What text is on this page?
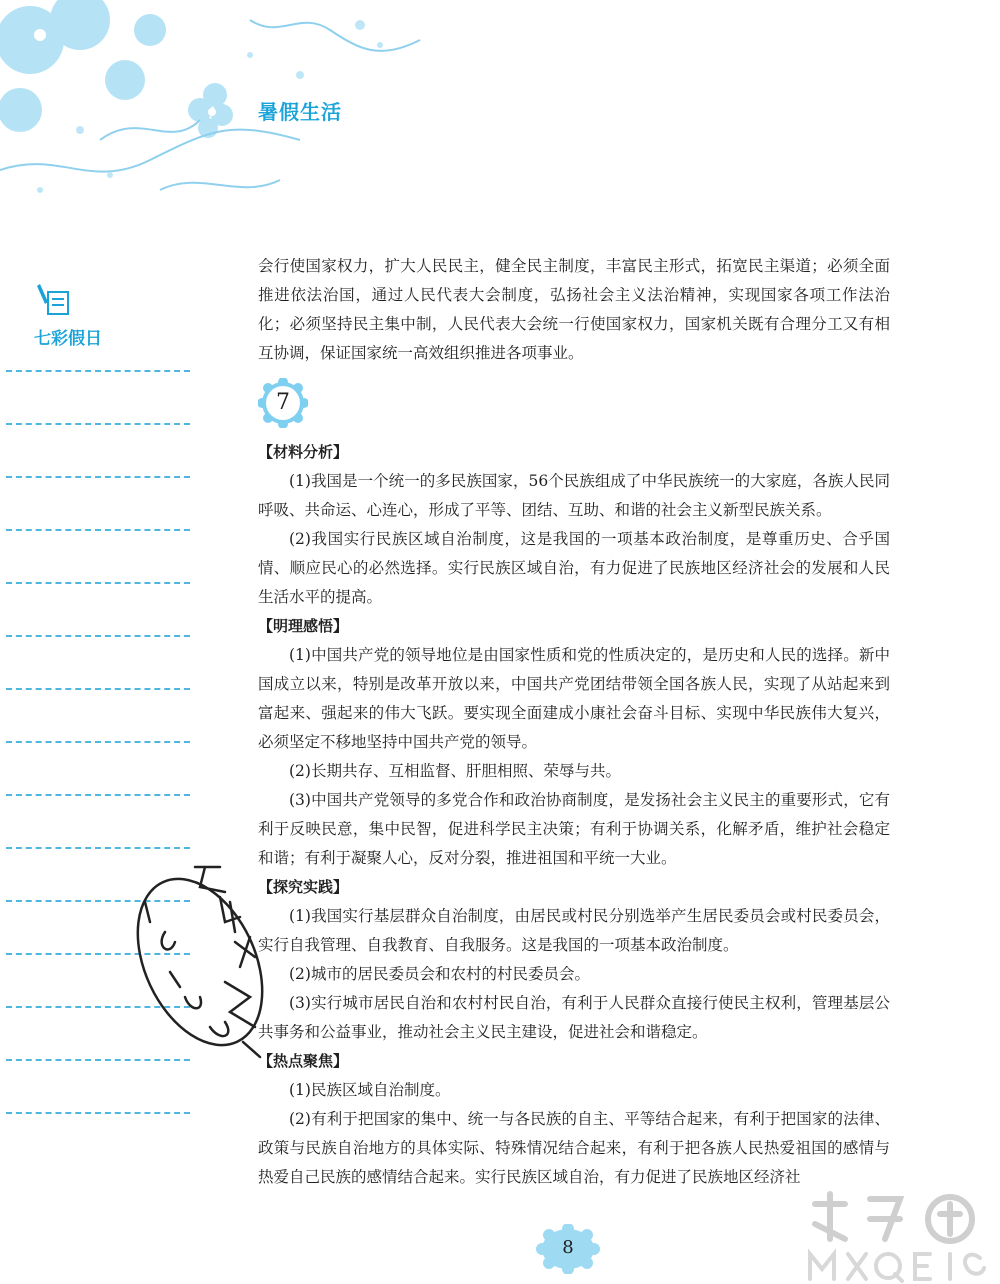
暑假生活
七彩假日

会行使国家权力，扩大人民民主，健全民主制度，丰富民主形式，拓宽民主渠道；必须全面推进依法治国，通过人民代表大会制度，弘扬社会主义法治精神，实现国家各项工作法治化；必须坚持民主集中制，人民代表大会统一行使国家权力，国家机关既有合理分工又有相互协调，保证国家统一高效组织推进各项事业。

7
【材料分析】

(1)我国是一个统一的多民族国家，56个民族组成了中华民族统一的大家庭，各族人民同呼吸、共命运、心连心，形成了平等、团结、互助、和谐的社会主义新型民族关系。

(2)我国实行民族区域自治制度，这是我国的一项基本政治制度，是尊重历史、合乎国情、顺应民心的必然选择。实行民族区域自治，有力促进了民族地区经济社会的发展和人民生活水平的提高。

【明理感悟】

(1)中国共产党的领导地位是由国家性质和党的性质决定的，是历史和人民的选择。新中国成立以来，特别是改革开放以来，中国共产党团结带领全国各族人民，实现了从站起来到富起来、强起来的伟大飞跃。要实现全面建成小康社会奋斗目标、实现中华民族伟大复兴，必须坚定不移地坚持中国共产党的领导。

(2)长期共存、互相监督、肝胆相照、荣辱与共。

(3)中国共产党领导的多党合作和政治协商制度，是发扬社会主义民主的重要形式，它有利于反映民意，集中民智，促进科学民主决策；有利于协调关系，化解矛盾，维护社会稳定和谐；有利于凝聚人心，反对分裂，推进祖国和平统一大业。

【探究实践】

(1)我国实行基层群众自治制度，由居民或村民分别选举产生居民委员会或村民委员会，实行自我管理、自我教育、自我服务。这是我国的一项基本政治制度。

(2)城市的居民委员会和农村的村民委员会。

(3)实行城市居民自治和农村村民自治，有利于人民群众直接行使民主权利，管理基层公共事务和公益事业，推动社会主义民主建设，促进社会和谐稳定。

【热点聚焦】

(1)民族区域自治制度。

(2)有利于把国家的集中、统一与各民族的自主、平等结合起来，有利于把国家的法律、政策与民族自治地方的具体实际、特殊情况结合起来，有利于把各族人民热爱祖国的感情与热爱自己民族的感情结合起来。实行民族区域自治，有力促进了民族地区经济社

8
